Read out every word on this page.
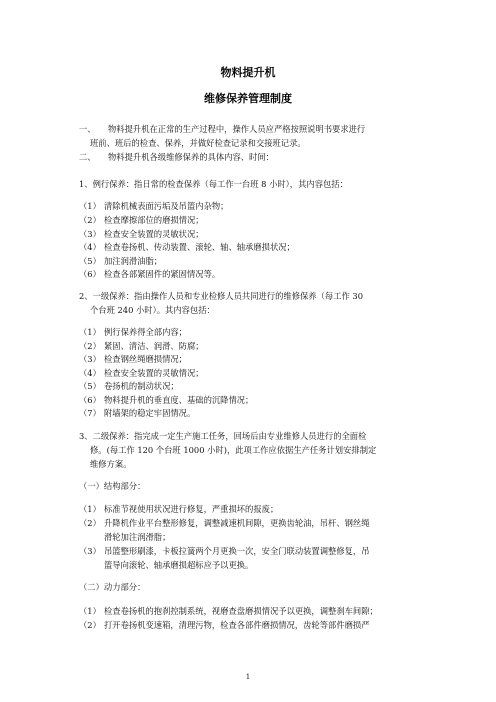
物料提升机
维修保养管理制度
一、 物料提升机在正常的生产过程中，操作人员应严格按照说明书要求进行
班前、班后的检查、保养，并做好检查记录和交接班记录。
二、 物料提升机各级维修保养的具体内容、时间：
1、例行保养：指日常的检查保养（每工作一台班 8 小时），其内容包括：
（1） 清除机械表面污垢及吊篮内杂物；
（2） 检查摩擦部位的磨损情况；
（3） 检查安全装置的灵敏状况；
（4） 检查卷扬机、传动装置、滚轮、轴、轴承磨损状况；
（5） 加注润滑油脂；
（6） 检查各部紧固件的紧固情况等。
2、一级保养：指由操作人员和专业检修人员共同进行的维修保养（每工作 30
个台班 240 小时）。其内容包括：
（1） 例行保养得全部内容；
（2） 紧固、清洁、润滑、防腐；
（3） 检查钢丝绳磨损情况；
（4） 检查安全装置的灵敏情况；
（5） 卷扬机的制动状况；
（6） 物料提升机的垂直度、基础的沉降情况；
（7） 附墙架的稳定牢固情况。
3、二级保养：指完成一定生产施工任务，回场后由专业维修人员进行的全面检
修。(每工作 120 个台班 1000 小时)，此项工作应依据生产任务计划安排制定
维修方案。
（一）结构部分：
（1） 标准节视使用状况进行修复，严重损坏的报废；
（2） 升降机作业平台整形修复，调整减速机间隙，更换齿轮油，吊杆、钢丝绳
滑轮加注润滑脂；
（3） 吊篮整形刷漆，卡板拉簧两个月更换一次，安全门联动装置调整修复，吊
篮导向滚轮、轴承磨损超标应予以更换。
（二）动力部分：
（1） 检查卷扬机的抱刹控制系统，视磨查盘磨损情况予以更换，调整刹车间隙；
（2） 打开卷扬机变速箱，清理污物，检查各部件磨损情况，齿轮等部件磨损严
1
